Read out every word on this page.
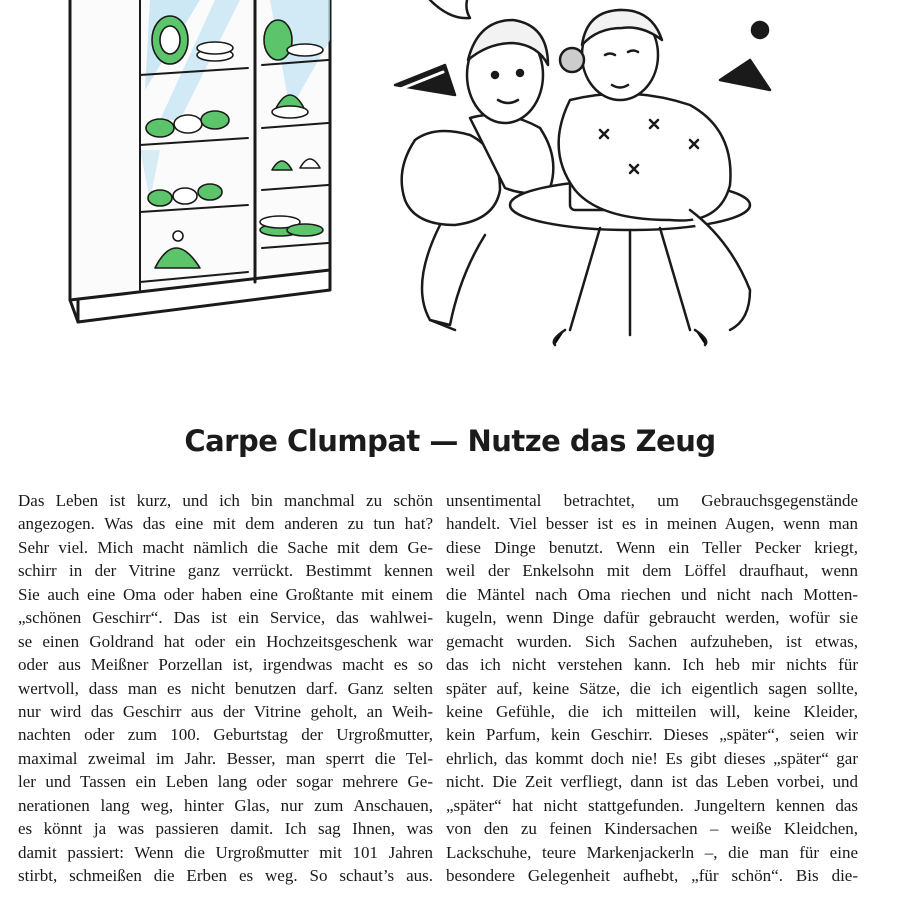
Carpe Clumpat — Nutze das Zeug
Das Leben ist kurz, und ich bin manchmal zu schön
angezogen. Was das eine mit dem anderen zu tun hat?
Sehr viel. Mich macht nämlich die Sache mit dem Ge-
schirr in der Vitrine ganz verrückt. Bestimmt kennen
Sie auch eine Oma oder haben eine Großtante mit einem
„schönen Geschirr“. Das ist ein Service, das wahlwei-
se einen Goldrand hat oder ein Hochzeitsgeschenk war
oder aus Meißner Porzellan ist, irgendwas macht es so
wertvoll, dass man es nicht benutzen darf. Ganz selten
nur wird das Geschirr aus der Vitrine geholt, an Weih-
nachten oder zum 100. Geburtstag der Urgroßmutter,
maximal zweimal im Jahr. Besser, man sperrt die Tel-
ler und Tassen ein Leben lang oder sogar mehrere Ge-
nerationen lang weg, hinter Glas, nur zum Anschauen,
es könnt ja was passieren damit. Ich sag Ihnen, was
damit passiert: Wenn die Urgroßmutter mit 101 Jahren
stirbt, schmeißen die Erben es weg. So schaut’s aus.
unsentimental betrachtet, um Gebrauchsgegenstände
handelt. Viel besser ist es in meinen Augen, wenn man
diese Dinge benutzt. Wenn ein Teller Pecker kriegt,
weil der Enkelsohn mit dem Löffel draufhaut, wenn
die Mäntel nach Oma riechen und nicht nach Motten-
kugeln, wenn Dinge dafür gebraucht werden, wofür sie
gemacht wurden. Sich Sachen aufzuheben, ist etwas,
das ich nicht verstehen kann. Ich heb mir nichts für
später auf, keine Sätze, die ich eigentlich sagen sollte,
keine Gefühle, die ich mitteilen will, keine Kleider,
kein Parfum, kein Geschirr. Dieses „später“, seien wir
ehrlich, das kommt doch nie! Es gibt dieses „später“ gar
nicht. Die Zeit verfliegt, dann ist das Leben vorbei, und
„später“ hat nicht stattgefunden. Jungeltern kennen das
von den zu feinen Kindersachen – weiße Kleidchen,
Lackschuhe, teure Markenjackerln –, die man für eine
besondere Gelegenheit aufhebt, „für schön“. Bis die-
